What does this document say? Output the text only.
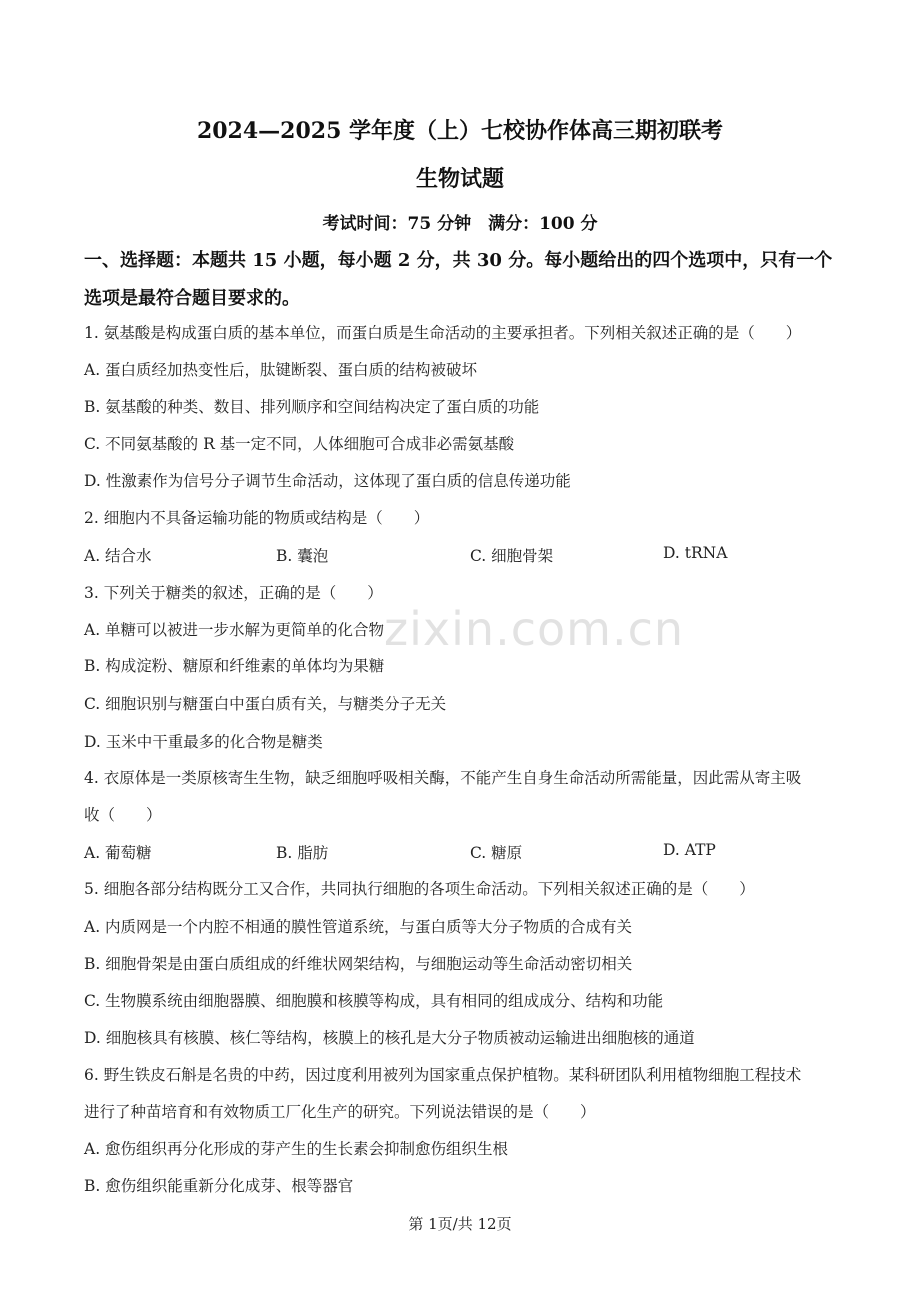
2024—2025 学年度（上）七校协作体高三期初联考
生物试题
考试时间：75 分钟　满分：100 分
一、选择题：本题共 15 小题，每小题 2 分，共 30 分。每小题给出的四个选项中，只有一个
选项是最符合题目要求的。
1. 氨基酸是构成蛋白质的基本单位，而蛋白质是生命活动的主要承担者。下列相关叙述正确的是（　　）
A. 蛋白质经加热变性后，肽键断裂、蛋白质的结构被破坏
B. 氨基酸的种类、数目、排列顺序和空间结构决定了蛋白质的功能
C. 不同氨基酸的 R 基一定不同，人体细胞可合成非必需氨基酸
D. 性激素作为信号分子调节生命活动，这体现了蛋白质的信息传递功能
2. 细胞内不具备运输功能的物质或结构是（　　）
A. 结合水	B. 囊泡	C. 细胞骨架	D. tRNA
3. 下列关于糖类的叙述，正确的是（　　）
A. 单糖可以被进一步水解为更简单的化合物
B. 构成淀粉、糖原和纤维素的单体均为果糖
C. 细胞识别与糖蛋白中蛋白质有关，与糖类分子无关
D. 玉米中干重最多的化合物是糖类
4. 衣原体是一类原核寄生生物，缺乏细胞呼吸相关酶，不能产生自身生命活动所需能量，因此需从寄主吸
收（　　）
A. 葡萄糖	B. 脂肪	C. 糖原	D. ATP
5. 细胞各部分结构既分工又合作，共同执行细胞的各项生命活动。下列相关叙述正确的是（　　）
A. 内质网是一个内腔不相通的膜性管道系统，与蛋白质等大分子物质的合成有关
B. 细胞骨架是由蛋白质组成的纤维状网架结构，与细胞运动等生命活动密切相关
C. 生物膜系统由细胞器膜、细胞膜和核膜等构成，具有相同的组成成分、结构和功能
D. 细胞核具有核膜、核仁等结构，核膜上的核孔是大分子物质被动运输进出细胞核的通道
6. 野生铁皮石斛是名贵的中药，因过度利用被列为国家重点保护植物。某科研团队利用植物细胞工程技术
进行了种苗培育和有效物质工厂化生产的研究。下列说法错误的是（　　）
A. 愈伤组织再分化形成的芽产生的生长素会抑制愈伤组织生根
B. 愈伤组织能重新分化成芽、根等器官
zixin.com.cn
第 1页/共 12页
